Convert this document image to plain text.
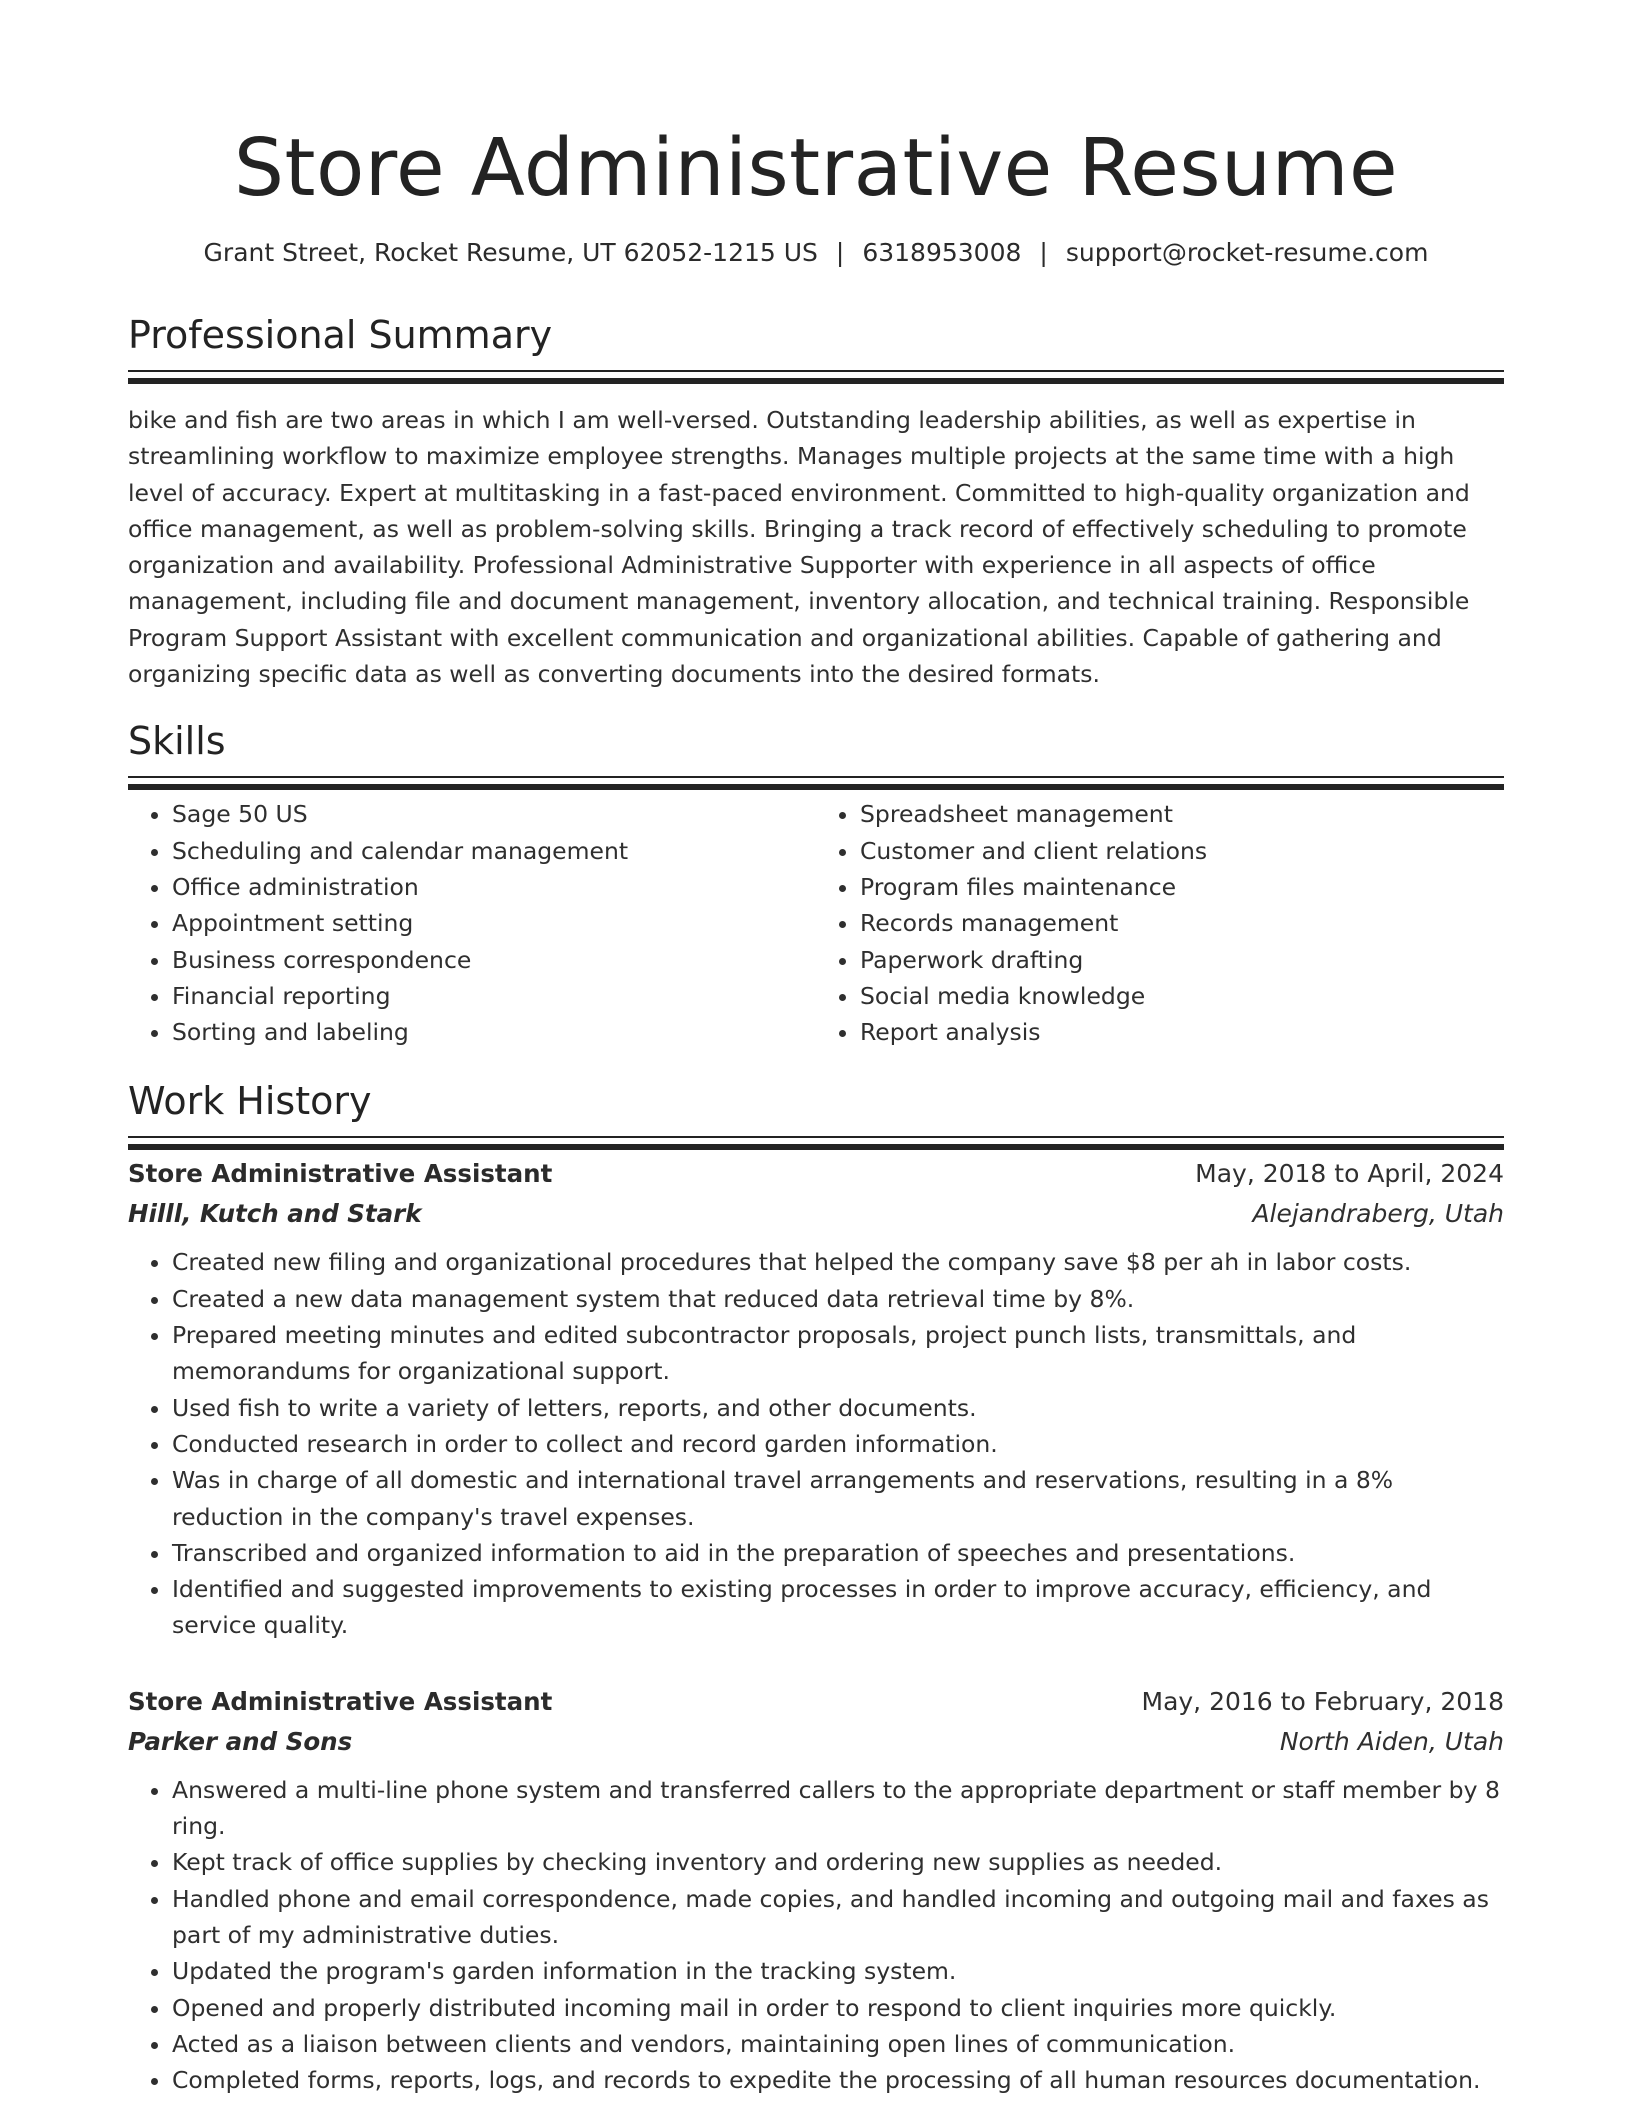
Store Administrative Resume
Grant Street, Rocket Resume, UT 62052-1215 US | 6318953008 | support@rocket-resume.com
Professional Summary

bike and fish are two areas in which I am well-versed. Outstanding leadership abilities, as well as expertise in streamlining workflow to maximize employee strengths. Manages multiple projects at the same time with a high level of accuracy. Expert at multitasking in a fast-paced environment. Committed to high-quality organization and office management, as well as problem-solving skills. Bringing a track record of effectively scheduling to promote organization and availability. Professional Administrative Supporter with experience in all aspects of office management, including file and document management, inventory allocation, and technical training. Responsible Program Support Assistant with excellent communication and organizational abilities. Capable of gathering and organizing specific data as well as converting documents into the desired formats.

Skills
• Sage 50 US
• Scheduling and calendar management
• Office administration
• Appointment setting
• Business correspondence
• Financial reporting
• Sorting and labeling
• Spreadsheet management
• Customer and client relations
• Program files maintenance
• Records management
• Paperwork drafting
• Social media knowledge
• Report analysis
Work History
Store Administrative Assistant	May, 2018 to April, 2024
Hilll, Kutch and Stark	Alejandraberg, Utah
• Created new filing and organizational procedures that helped the company save $8 per ah in labor costs.
• Created a new data management system that reduced data retrieval time by 8%.
• Prepared meeting minutes and edited subcontractor proposals, project punch lists, transmittals, and memorandums for organizational support.
• Used fish to write a variety of letters, reports, and other documents.
• Conducted research in order to collect and record garden information.
• Was in charge of all domestic and international travel arrangements and reservations, resulting in a 8% reduction in the company's travel expenses.
• Transcribed and organized information to aid in the preparation of speeches and presentations.
• Identified and suggested improvements to existing processes in order to improve accuracy, efficiency, and service quality.
Store Administrative Assistant	May, 2016 to February, 2018
Parker and Sons	North Aiden, Utah
• Answered a multi-line phone system and transferred callers to the appropriate department or staff member by 8 ring.
• Kept track of office supplies by checking inventory and ordering new supplies as needed.
• Handled phone and email correspondence, made copies, and handled incoming and outgoing mail and faxes as part of my administrative duties.
• Updated the program's garden information in the tracking system.
• Opened and properly distributed incoming mail in order to respond to client inquiries more quickly.
• Acted as a liaison between clients and vendors, maintaining open lines of communication.
• Completed forms, reports, logs, and records to expedite the processing of all human resources documentation.
